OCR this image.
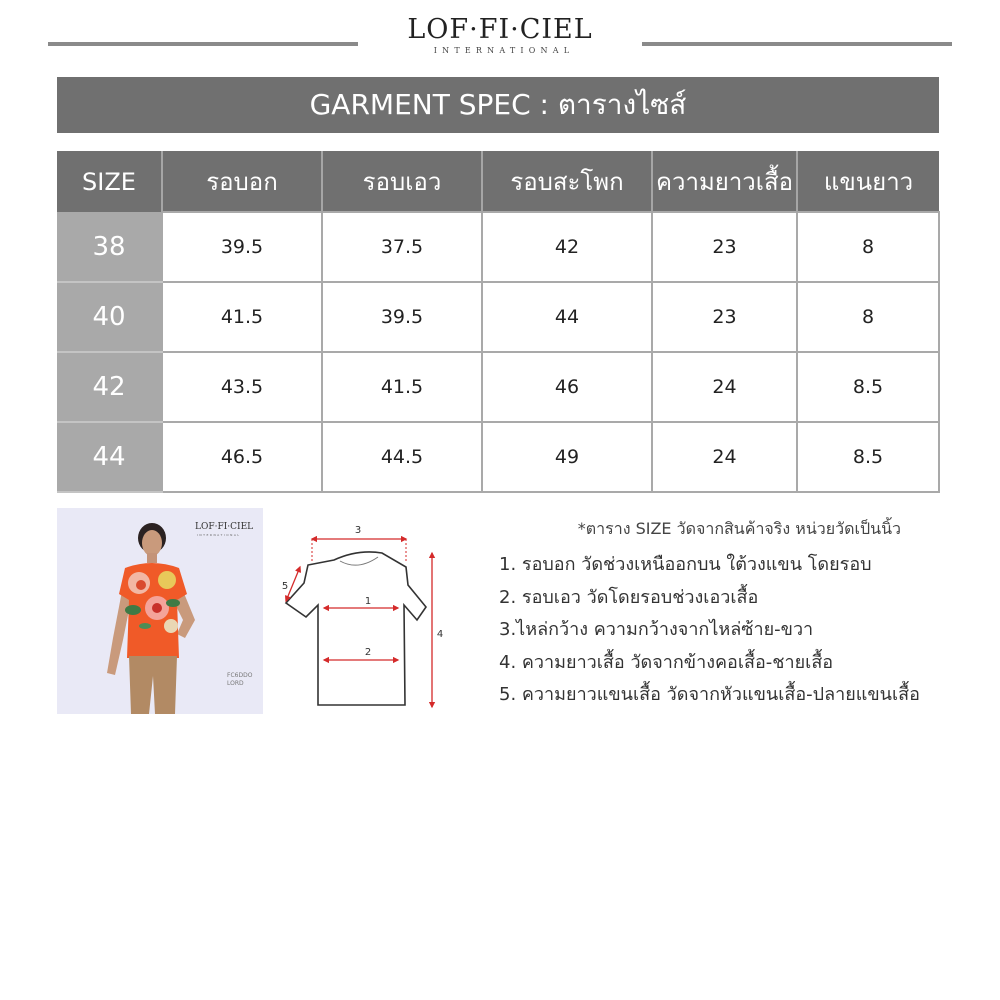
LOF·FI·CIEL
INTERNATIONAL
GARMENT SPEC : ตารางไซส์
SIZE	รอบอก	รอบเอว	รอบสะโพก	ความยาวเสื้อ	แขนยาว
38	39.5	37.5	42	23	8
40	41.5	39.5	44	23	8
42	43.5	41.5	46	24	8.5
44	46.5	44.5	49	24	8.5
LOF·FI·CIEL
INTERNATIONAL
FC6DDO
LORD
3
1
2
4
5
*ตาราง SIZE วัดจากสินค้าจริง หน่วยวัดเป็นนิ้ว
1. รอบอก วัดช่วงเหนืออกบน ใต้วงแขน โดยรอบ
2. รอบเอว วัดโดยรอบช่วงเอวเสื้อ
3.ไหล่กว้าง ความกว้างจากไหล่ซ้าย-ขวา
4. ความยาวเสื้อ วัดจากข้างคอเสื้อ-ชายเสื้อ
5. ความยาวแขนเสื้อ วัดจากหัวแขนเสื้อ-ปลายแขนเสื้อ
